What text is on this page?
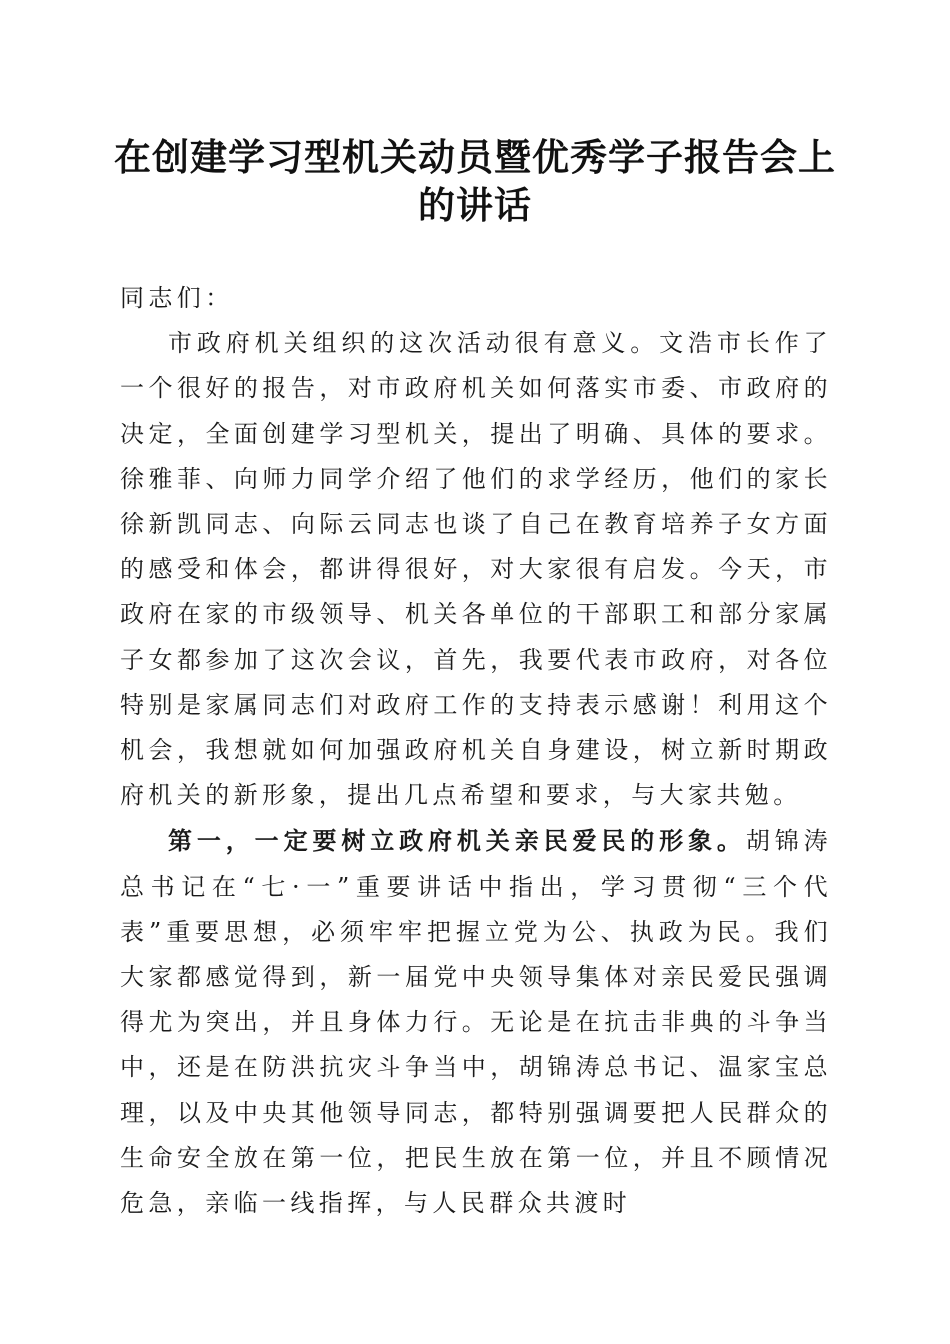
在创建学习型机关动员暨优秀学子报告会上的讲话

同志们：

市政府机关组织的这次活动很有意义。文浩市长作了一个很好的报告，对市政府机关如何落实市委、市政府的决定，全面创建学习型机关，提出了明确、具体的要求。徐雅菲、向师力同学介绍了他们的求学经历，他们的家长徐新凯同志、向际云同志也谈了自己在教育培养子女方面的感受和体会，都讲得很好，对大家很有启发。今天，市政府在家的市级领导、机关各单位的干部职工和部分家属子女都参加了这次会议，首先，我要代表市政府，对各位特别是家属同志们对政府工作的支持表示感谢！利用这个机会，我想就如何加强政府机关自身建设，树立新时期政府机关的新形象，提出几点希望和要求，与大家共勉。

第一，一定要树立政府机关亲民爱民的形象。胡锦涛总书记在“七·一”重要讲话中指出，学习贯彻“三个代表”重要思想，必须牢牢把握立党为公、执政为民。我们大家都感觉得到，新一届党中央领导集体对亲民爱民强调得尤为突出，并且身体力行。无论是在抗击非典的斗争当中，还是在防洪抗灾斗争当中，胡锦涛总书记、温家宝总理，以及中央其他领导同志，都特别强调要把人民群众的生命安全放在第一位，把民生放在第一位，并且不顾情况危急，亲临一线指挥，与人民群众共渡时
